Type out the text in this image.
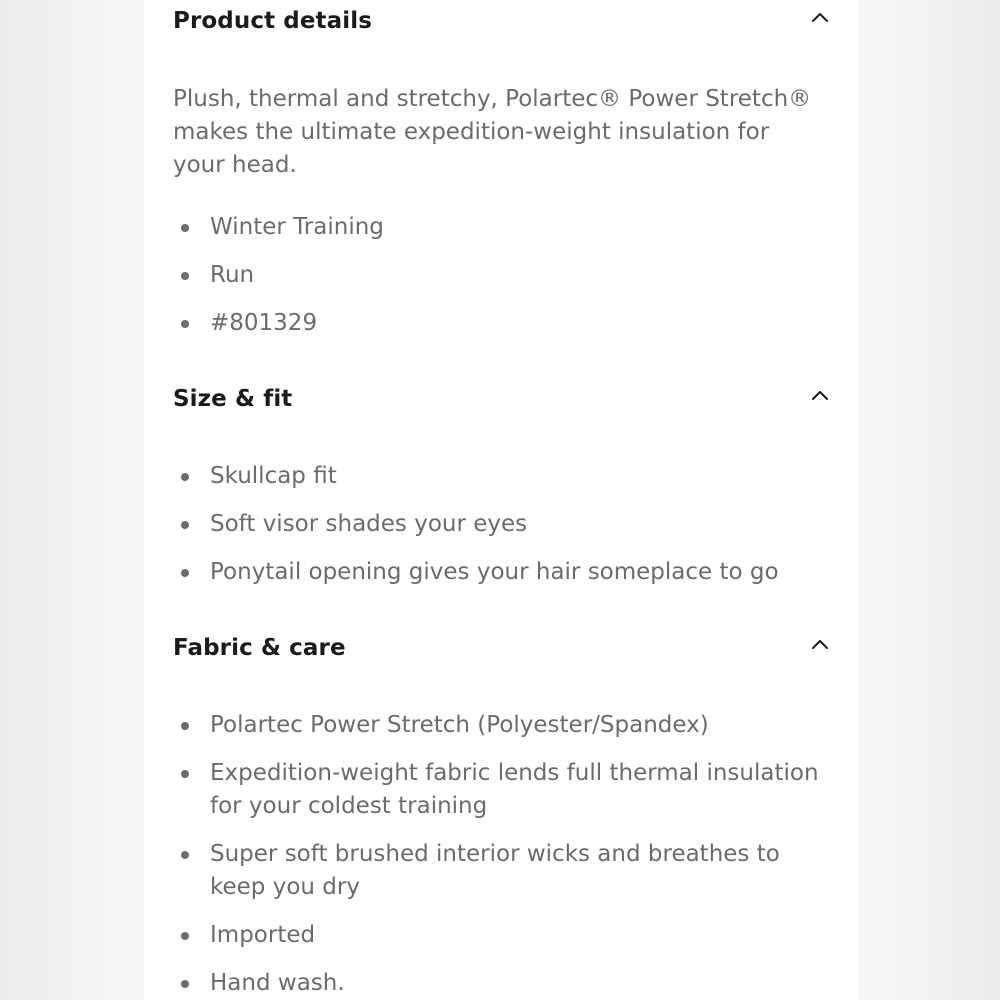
Product details

Plush, thermal and stretchy, Polartec® Power Stretch® makes the ultimate expedition-weight insulation for your head.

Winter Training
Run
#801329
Size & fit
Skullcap fit
Soft visor shades your eyes
Ponytail opening gives your hair someplace to go
Fabric & care
Polartec Power Stretch (Polyester/Spandex)
Expedition-weight fabric lends full thermal insulation for your coldest training
Super soft brushed interior wicks and breathes to keep you dry
Imported
Hand wash.
